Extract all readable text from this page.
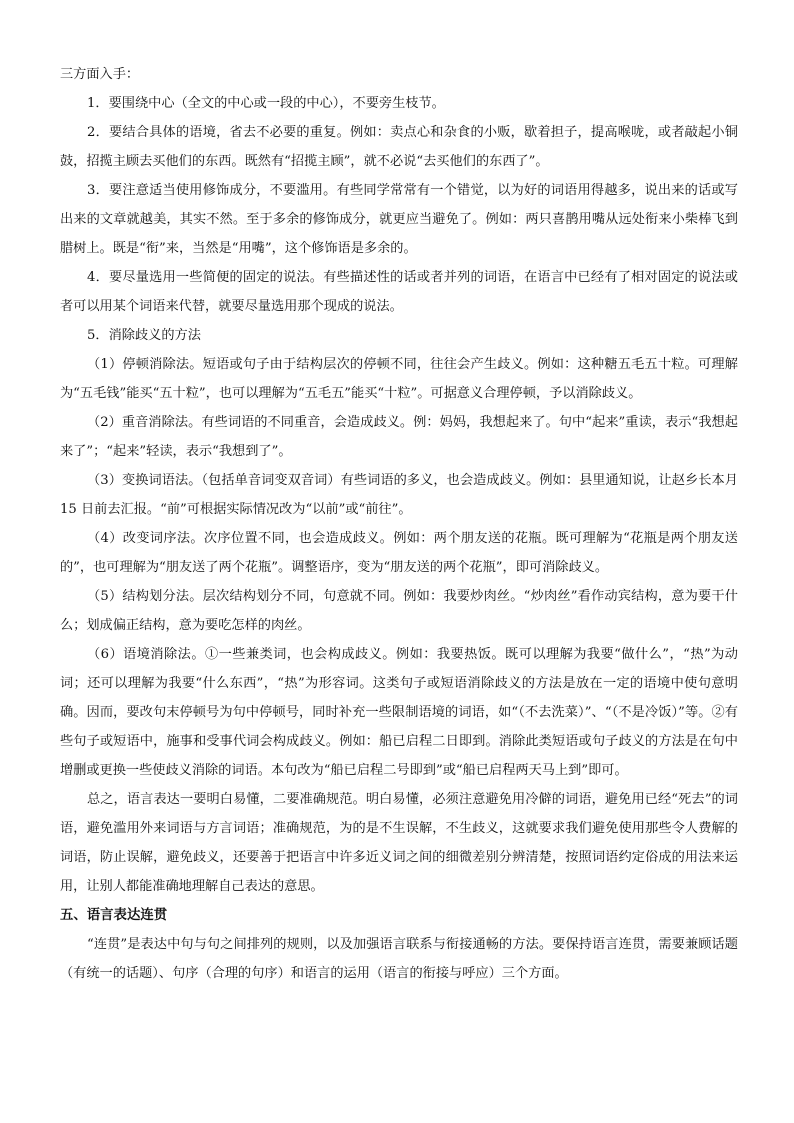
三方面入手：

1．要围绕中心（全文的中心或一段的中心），不要旁生枝节。

2．要结合具体的语境，省去不必要的重复。例如：卖点心和杂食的小贩，歇着担子，提高喉咙，或者敲起小铜鼓，招揽主顾去买他们的东西。既然有“招揽主顾”，就不必说“去买他们的东西了”。

3．要注意适当使用修饰成分，不要滥用。有些同学常常有一个错觉，以为好的词语用得越多，说出来的话或写出来的文章就越美，其实不然。至于多余的修饰成分，就更应当避免了。例如：两只喜鹊用嘴从远处衔来小柴棒飞到腊树上。既是“衔”来，当然是“用嘴”，这个修饰语是多余的。

4．要尽量选用一些简便的固定的说法。有些描述性的话或者并列的词语，在语言中已经有了相对固定的说法或者可以用某个词语来代替，就要尽量选用那个现成的说法。

5．消除歧义的方法

（1）停顿消除法。短语或句子由于结构层次的停顿不同，往往会产生歧义。例如：这种糖五毛五十粒。可理解为“五毛钱”能买“五十粒”，也可以理解为“五毛五”能买“十粒”。可据意义合理停顿，予以消除歧义。

（2）重音消除法。有些词语的不同重音，会造成歧义。例：妈妈，我想起来了。句中“起来”重读，表示“我想起来了”；“起来”轻读，表示“我想到了”。

（3）变换词语法。（包括单音词变双音词）有些词语的多义，也会造成歧义。例如：县里通知说，让赵乡长本月 15 日前去汇报。“前”可根据实际情况改为“以前”或“前往”。

（4）改变词序法。次序位置不同，也会造成歧义。例如：两个朋友送的花瓶。既可理解为“花瓶是两个朋友送的”，也可理解为“朋友送了两个花瓶”。调整语序，变为“朋友送的两个花瓶”，即可消除歧义。

（5）结构划分法。层次结构划分不同，句意就不同。例如：我要炒肉丝。“炒肉丝”看作动宾结构，意为要干什么；划成偏正结构，意为要吃怎样的肉丝。

（6）语境消除法。①一些兼类词，也会构成歧义。例如：我要热饭。既可以理解为我要“做什么”，“热”为动词；还可以理解为我要“什么东西”，“热”为形容词。这类句子或短语消除歧义的方法是放在一定的语境中使句意明确。因而，要改句末停顿号为句中停顿号，同时补充一些限制语境的词语，如“（不去洗菜）”、“（不是冷饭）”等。②有些句子或短语中，施事和受事代词会构成歧义。例如：船已启程二日即到。消除此类短语或句子歧义的方法是在句中增删或更换一些使歧义消除的词语。本句改为“船已启程二号即到”或“船已启程两天马上到”即可。

总之，语言表达一要明白易懂，二要准确规范。明白易懂，必须注意避免用冷僻的词语，避免用已经“死去”的词语，避免滥用外来词语与方言词语；准确规范，为的是不生误解，不生歧义，这就要求我们避免使用那些令人费解的词语，防止误解，避免歧义，还要善于把语言中许多近义词之间的细微差别分辨清楚，按照词语约定俗成的用法来运用，让别人都能准确地理解自己表达的意思。

五、语言表达连贯

“连贯”是表达中句与句之间排列的规则，以及加强语言联系与衔接通畅的方法。要保持语言连贯，需要兼顾话题（有统一的话题）、句序（合理的句序）和语言的运用（语言的衔接与呼应）三个方面。
